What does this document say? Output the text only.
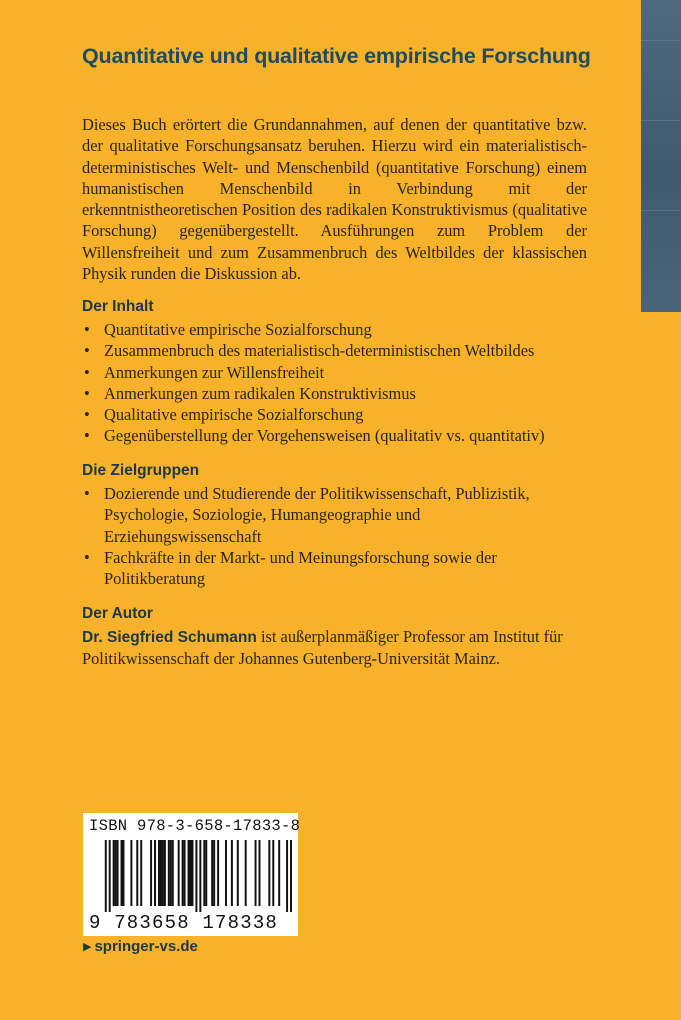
Quantitative und qualitative empirische Forschung

Dieses Buch erörtert die Grundannahmen, auf denen der quantitative bzw. der qualitative Forschungsansatz beruhen. Hierzu wird ein materialistisch-deterministisches Welt- und Menschenbild (quantitative Forschung) einem humanistischen Menschenbild in Verbindung mit der erkenntnistheoretischen Position des radikalen Konstruktivismus (qualitative Forschung) gegenübergestellt. Ausführungen zum Problem der Willensfreiheit und zum Zusammenbruch des Weltbildes der klassischen Physik runden die Diskussion ab.

Der Inhalt
• Quantitative empirische Sozialforschung
• Zusammenbruch des materialistisch-deterministischen Weltbildes
• Anmerkungen zur Willensfreiheit
• Anmerkungen zum radikalen Konstruktivismus
• Qualitative empirische Sozialforschung
• Gegenüberstellung der Vorgehensweisen (qualitativ vs. quantitativ)
Die Zielgruppen
• Dozierende und Studierende der Politikwissenschaft, Publizistik, Psychologie, Soziologie, Humangeographie und Erziehungswissenschaft
• Fachkräfte in der Markt- und Meinungsforschung sowie der Politikberatung
Der Autor

Dr. Siegfried Schumann ist außerplanmäßiger Professor am Institut für Politikwissenschaft der Johannes Gutenberg-Universität Mainz.

ISBN 978-3-658-17833-8
9 783658 178338
▶ springer-vs.de
